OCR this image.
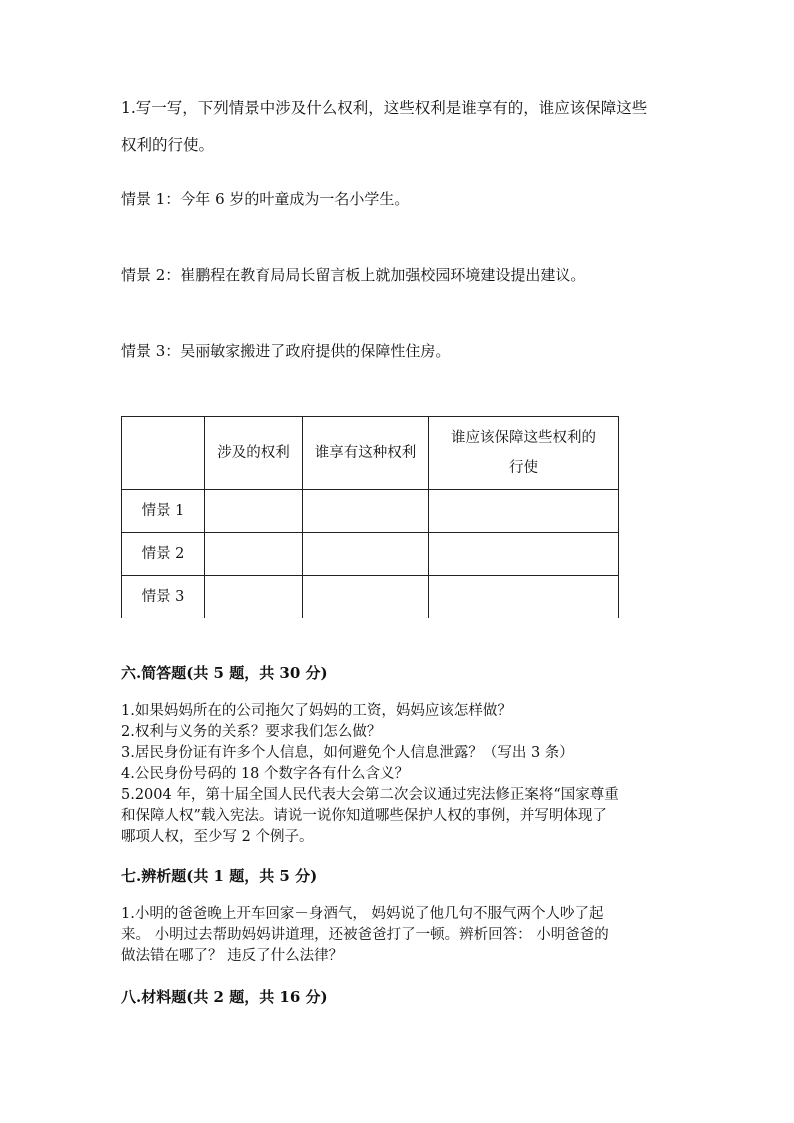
1.写一写，下列情景中涉及什么权利，这些权利是谁享有的，谁应该保障这些
权利的行使。
情景 1：今年 6 岁的叶童成为一名小学生。
情景 2：崔鹏程在教育局局长留言板上就加强校园环境建设提出建议。
情景 3：吴丽敏家搬进了政府提供的保障性住房。
	涉及的权利	谁享有这种权利	谁应该保障这些权利的
行使

情景 1			
情景 2			
情景 3			
六.简答题(共 5 题，共 30 分)
1.如果妈妈所在的公司拖欠了妈妈的工资，妈妈应该怎样做？
2.权利与义务的关系？要求我们怎么做？
3.居民身份证有许多个人信息，如何避免个人信息泄露？（写出 3 条）
4.公民身份号码的 18 个数字各有什么含义？
5.2004 年，第十届全国人民代表大会第二次会议通过宪法修正案将“国家尊重
和保障人权”载入宪法。请说一说你知道哪些保护人权的事例，并写明体现了
哪项人权，至少写 2 个例子。
七.辨析题(共 1 题，共 5 分)
1.小明的爸爸晚上开车回家－身酒气， 妈妈说了他几句不服气两个人吵了起
来。 小明过去帮助妈妈讲道理，还被爸爸打了一顿。辨析回答： 小明爸爸的
做法错在哪了？ 违反了什么法律？
八.材料题(共 2 题，共 16 分)
